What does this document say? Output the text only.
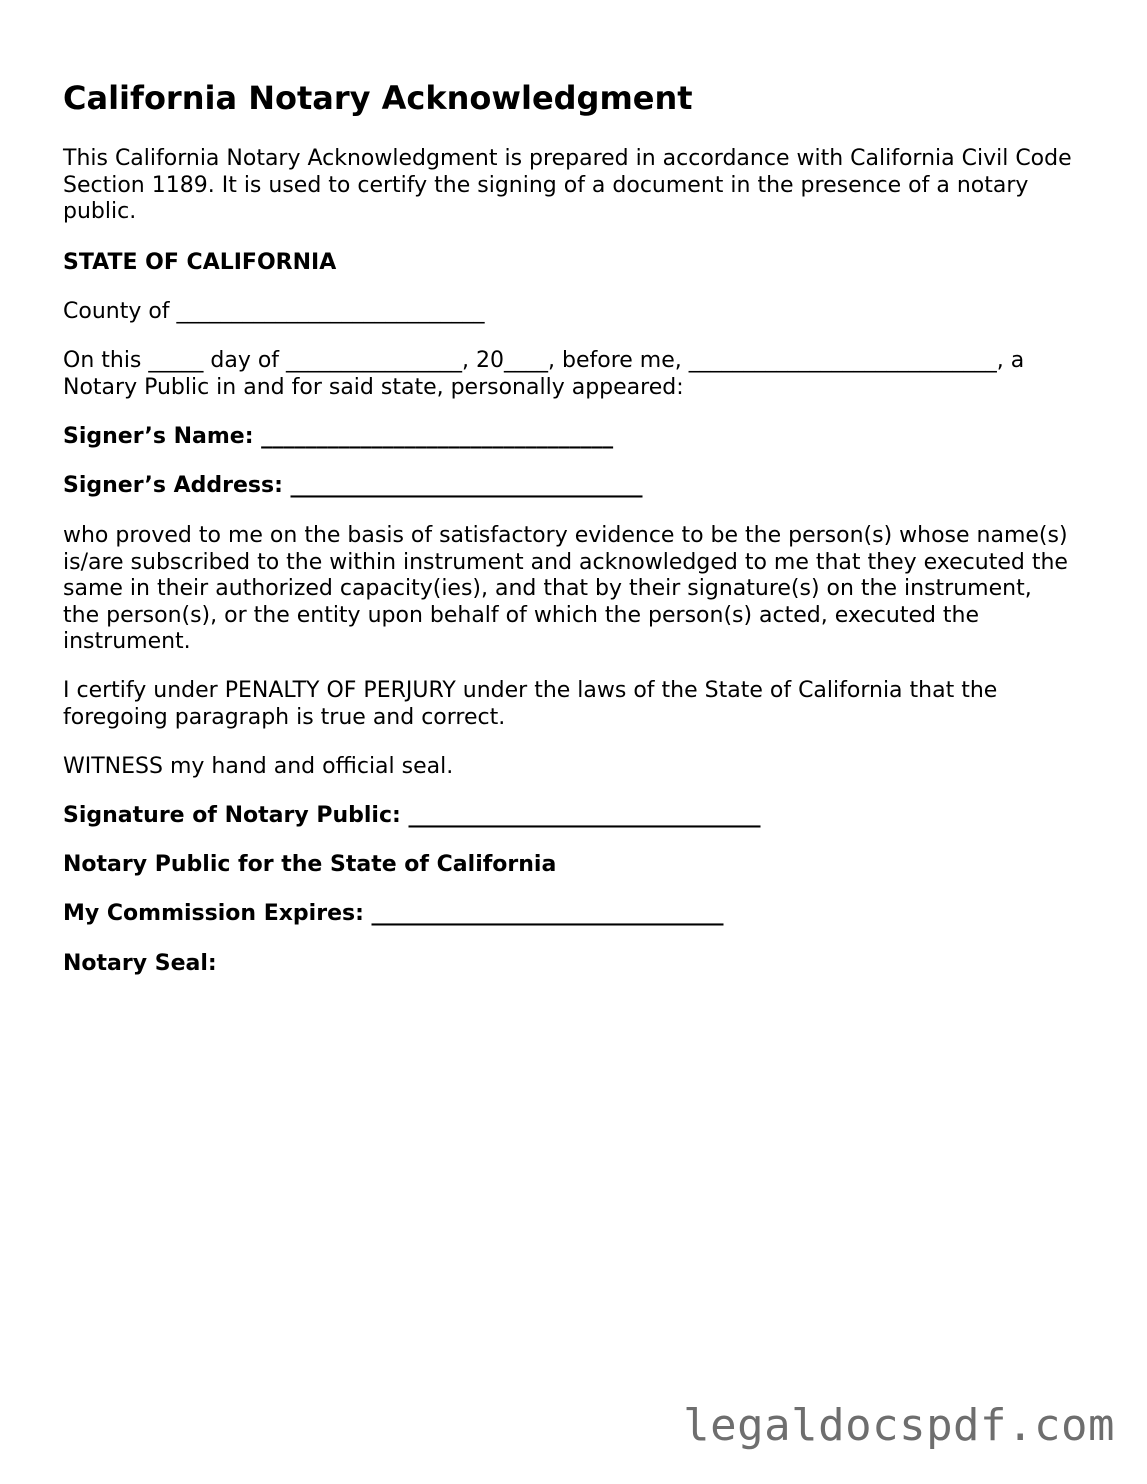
California Notary Acknowledgment

This California Notary Acknowledgment is prepared in accordance with California Civil Code Section 1189. It is used to certify the signing of a document in the presence of a notary public.

STATE OF CALIFORNIA

County of ____________________________

On this _____ day of ________________, 20____, before me, ____________________________, a Notary Public in and for said state, personally appeared:

Signer’s Name: ________________________________

Signer’s Address: ________________________________

who proved to me on the basis of satisfactory evidence to be the person(s) whose name(s) is/are subscribed to the within instrument and acknowledged to me that they executed the same in their authorized capacity(ies), and that by their signature(s) on the instrument, the person(s), or the entity upon behalf of which the person(s) acted, executed the instrument.

I certify under PENALTY OF PERJURY under the laws of the State of California that the foregoing paragraph is true and correct.

WITNESS my hand and official seal.

Signature of Notary Public: ________________________________

Notary Public for the State of California

My Commission Expires: ________________________________

Notary Seal:

legaldocspdf.com
